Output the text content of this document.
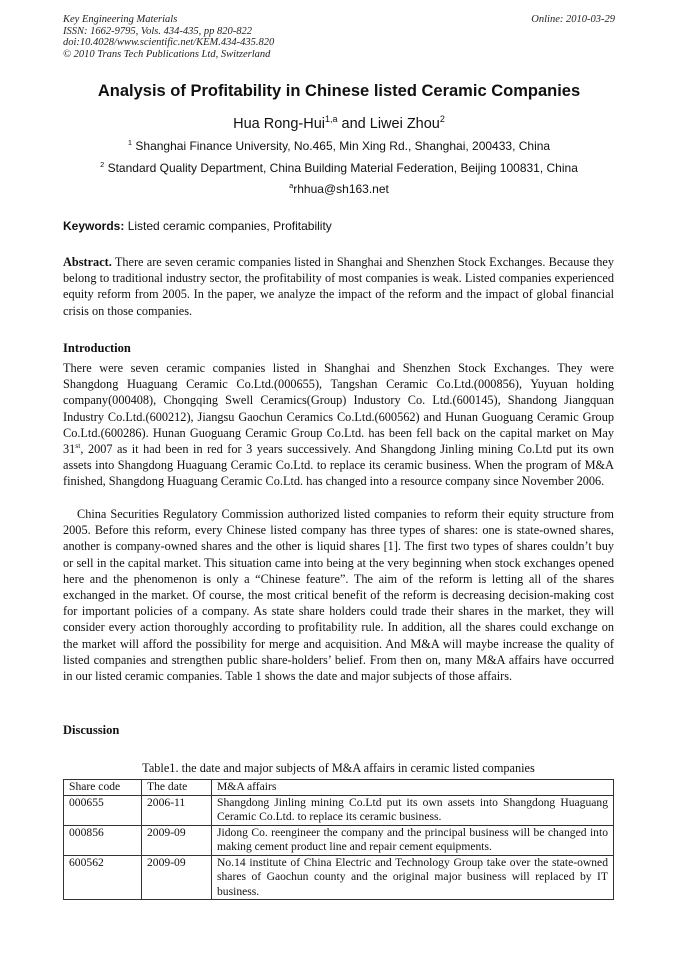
Key Engineering Materials
ISSN: 1662-9795, Vols. 434-435, pp 820-822
doi:10.4028/www.scientific.net/KEM.434-435.820
© 2010 Trans Tech Publications Ltd, Switzerland
Online: 2010-03-29
Analysis of Profitability in Chinese listed Ceramic Companies
Hua Rong-Hui$^{1,a}$ and Liwei Zhou$^2$
$^1$ Shanghai Finance University, No.465, Min Xing Rd., Shanghai, 200433, China
$^2$ Standard Quality Department, China Building Material Federation, Beijing 100831, China
$^a$rhhua@sh163.net
Keywords: Listed ceramic companies, Profitability
Abstract. There are seven ceramic companies listed in Shanghai and Shenzhen Stock Exchanges. Because they belong to traditional industry sector, the profitability of most companies is weak. Listed companies experienced equity reform from 2005. In the paper, we analyze the impact of the reform and the impact of global financial crisis on those companies.
Introduction
There were seven ceramic companies listed in Shanghai and Shenzhen Stock Exchanges. They were Shangdong Huaguang Ceramic Co.Ltd.(000655), Tangshan Ceramic Co.Ltd.(000856), Yuyuan holding company(000408), Chongqing Swell Ceramics(Group) Industory Co. Ltd.(600145), Shandong Jiangquan Industry Co.Ltd.(600212), Jiangsu Gaochun Ceramics Co.Ltd.(600562) and Hunan Guoguang Ceramic Group Co.Ltd.(600286). Hunan Guoguang Ceramic Group Co.Ltd. has been fell back on the capital market on May 31st, 2007 as it had been in red for 3 years successively. And Shangdong Jinling mining Co.Ltd put its own assets into Shangdong Huaguang Ceramic Co.Ltd. to replace its ceramic business. When the program of M&A finished, Shangdong Huaguang Ceramic Co.Ltd. has changed into a resource company since November 2006.
China Securities Regulatory Commission authorized listed companies to reform their equity structure from 2005. Before this reform, every Chinese listed company has three types of shares: one is state-owned shares, another is company-owned shares and the other is liquid shares [1]. The first two types of shares couldn’t buy or sell in the capital market. This situation came into being at the very beginning when stock exchanges opened here and the phenomenon is only a “Chinese feature”. The aim of the reform is letting all of the shares exchanged in the market. Of course, the most critical benefit of the reform is decreasing decision-making cost for important policies of a company. As state share holders could trade their shares in the market, they will consider every action thoroughly according to profitability rule. In addition, all the shares could exchange on the market will afford the possibility for merge and acquisition. And M&A will maybe increase the quality of listed companies and strengthen public share-holders’ belief. From then on, many M&A affairs have occurred in our listed ceramic companies. Table 1 shows the date and major subjects of those affairs.
Discussion
Table1. the date and major subjects of M&A affairs in ceramic listed companies
Share code	The date	M&A affairs
000655	2006-11	Shangdong Jinling mining Co.Ltd put its own assets into Shangdong Huaguang Ceramic Co.Ltd. to replace its ceramic business.
000856	2009-09	Jidong Co. reengineer the company and the principal business will be changed into making cement product line and repair cement equipments.
600562	2009-09	No.14 institute of China Electric and Technology Group take over the state-owned shares of Gaochun county and the original major business will replaced by IT business.
